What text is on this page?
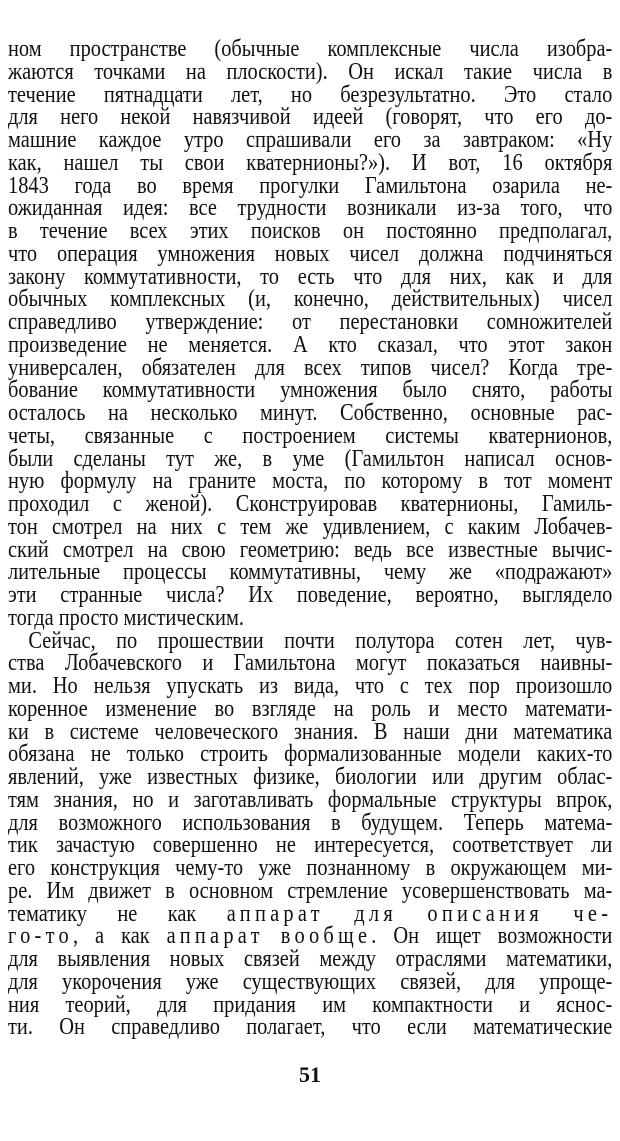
ном пространстве (обычные комплексные числа изобра-
жаются точками на плоскости). Он искал такие числа в
течение пятнадцати лет, но безрезультатно. Это стало
для него некой навязчивой идеей (говорят, что его до-
машние каждое утро спрашивали его за завтраком: «Ну
как, нашел ты свои кватернионы?»). И вот, 16 октября
1843 года во время прогулки Гамильтона озарила не-
ожиданная идея: все трудности возникали из-за того, что
в течение всех этих поисков он постоянно предполагал,
что операция умножения новых чисел должна подчиняться
закону коммутативности, то есть что для них, как и для
обычных комплексных (и, конечно, действительных) чисел
справедливо утверждение: от перестановки сомножителей
произведение не меняется. А кто сказал, что этот закон
универсален, обязателен для всех типов чисел? Когда тре-
бование коммутативности умножения было снято, работы
осталось на несколько минут. Собственно, основные рас-
четы, связанные с построением системы кватернионов,
были сделаны тут же, в уме (Гамильтон написал основ-
ную формулу на граните моста, по которому в тот момент
проходил с женой). Сконструировав кватернионы, Гамиль-
тон смотрел на них с тем же удивлением, с каким Лобачев-
ский смотрел на свою геометрию: ведь все известные вычис-
лительные процессы коммутативны, чему же «подражают»
эти странные числа? Их поведение, вероятно, выглядело
тогда просто мистическим.
Сейчас, по прошествии почти полутора сотен лет, чув-
ства Лобачевского и Гамильтона могут показаться наивны-
ми. Но нельзя упускать из вида, что с тех пор произошло
коренное изменение во взгляде на роль и место математи-
ки в системе человеческого знания. В наши дни математика
обязана не только строить формализованные модели каких-то
явлений, уже известных физике, биологии или другим облас-
тям знания, но и заготавливать формальные структуры впрок,
для возможного использования в будущем. Теперь матема-
тик зачастую совершенно не интересуется, соответствует ли
его конструкция чему-то уже познанному в окружающем ми-
ре. Им движет в основном стремление усовершенствовать ма-
тематику не как аппарат для описания че-
го-то, а как аппарат вообще. Он ищет возможности
для выявления новых связей между отраслями математики,
для укорочения уже существующих связей, для упроще-
ния теорий, для придания им компактности и яснос-
ти. Он справедливо полагает, что если математические
51
